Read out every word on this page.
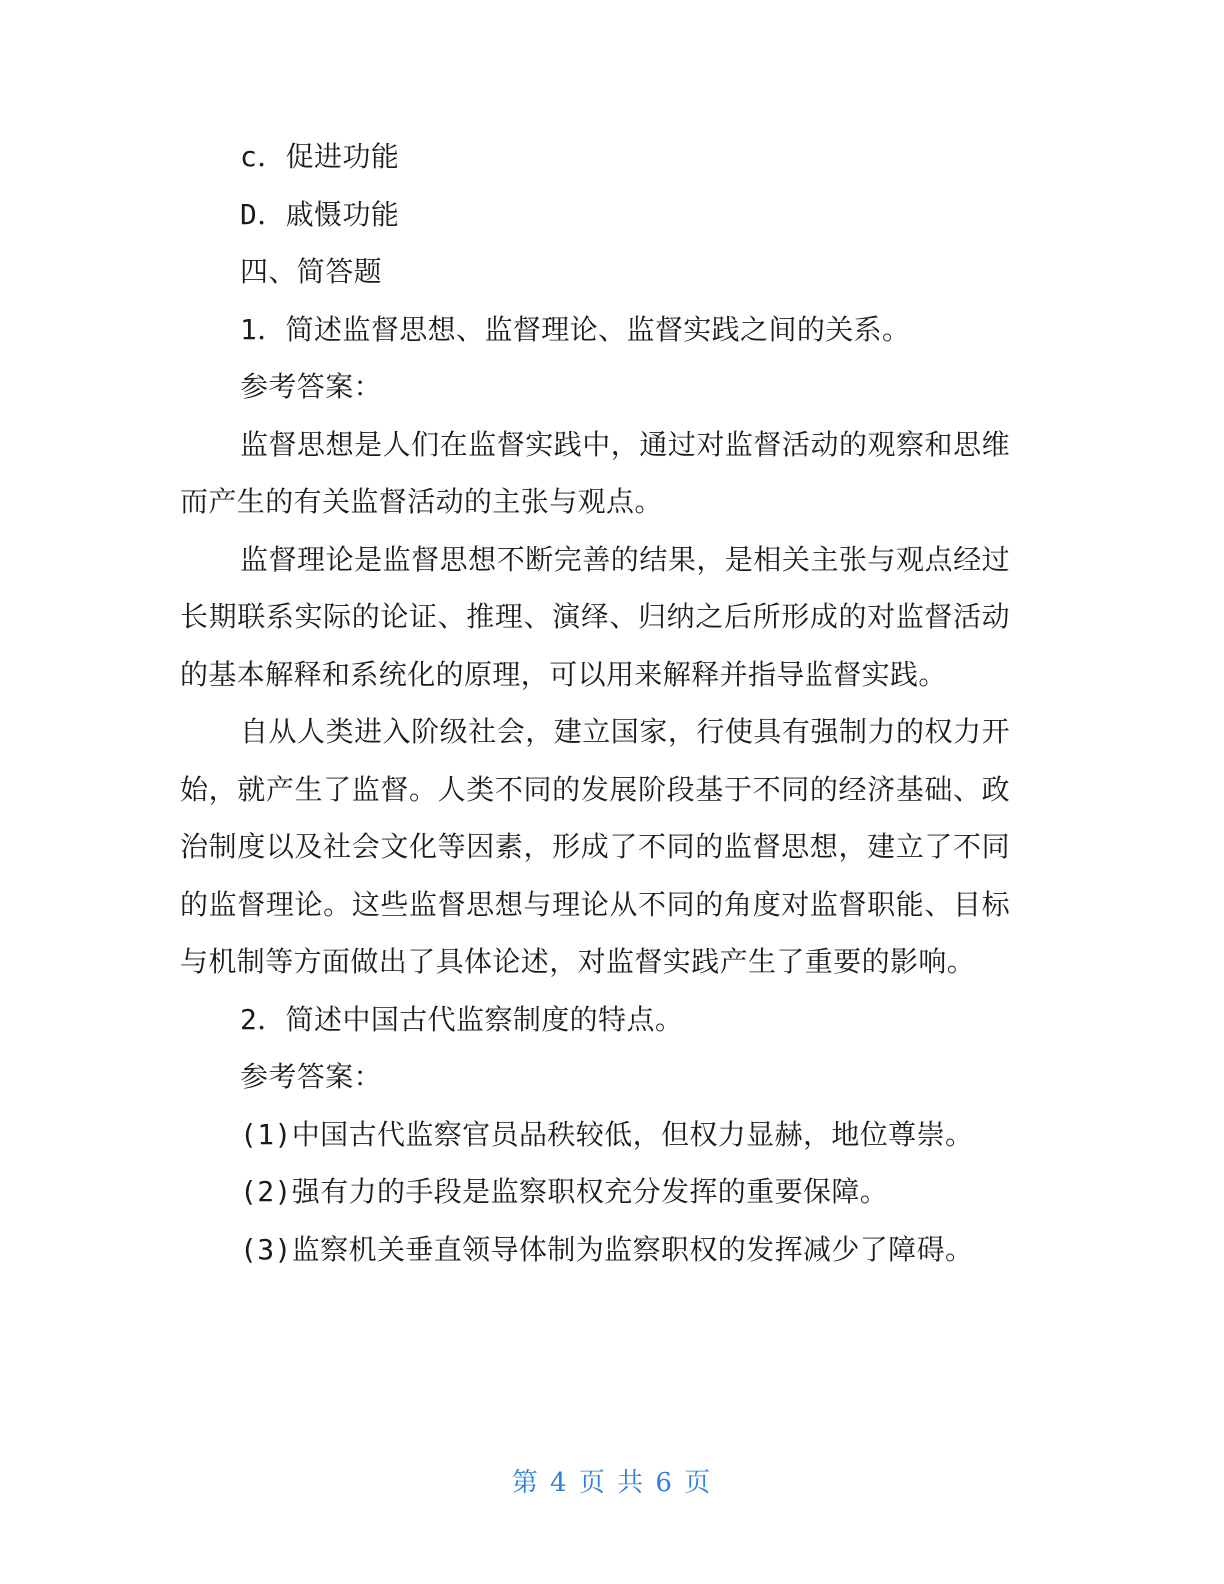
c．促进功能
D．戚慑功能
四、简答题
1．简述监督思想、监督理论、监督实践之间的关系。
参考答案：

监督思想是人们在监督实践中，通过对监督活动的观察和思维而产生的有关监督活动的主张与观点。

监督理论是监督思想不断完善的结果，是相关主张与观点经过长期联系实际的论证、推理、演绎、归纳之后所形成的对监督活动的基本解释和系统化的原理，可以用来解释并指导监督实践。

自从人类进入阶级社会，建立国家，行使具有强制力的权力开始，就产生了监督。人类不同的发展阶段基于不同的经济基础、政治制度以及社会文化等因素，形成了不同的监督思想，建立了不同的监督理论。这些监督思想与理论从不同的角度对监督职能、目标与机制等方面做出了具体论述，对监督实践产生了重要的影响。

2．简述中国古代监察制度的特点。
参考答案：
(1)中国古代监察官员品秩较低，但权力显赫，地位尊崇。
(2)强有力的手段是监察职权充分发挥的重要保障。
(3)监察机关垂直领导体制为监察职权的发挥减少了障碍。
第 4 页 共 6 页
